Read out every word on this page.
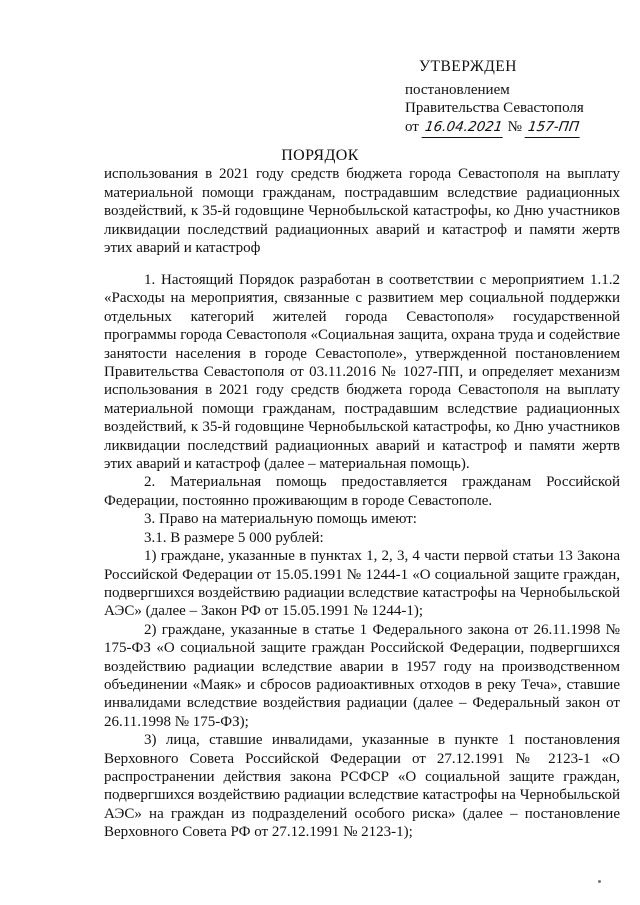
УТВЕРЖДЕН
постановлением
Правительства Севастополя
от 16.04.2021 № 157-ПП
ПОРЯДОК
использования в 2021 году средств бюджета города Севастополя на выплату материальной помощи гражданам, пострадавшим вследствие радиационных воздействий, к 35-й годовщине Чернобыльской катастрофы, ко Дню участников ликвидации последствий радиационных аварий и катастроф и памяти жертв этих аварий и катастроф

1. Настоящий Порядок разработан в соответствии с мероприятием 1.1.2 «Расходы на мероприятия, связанные с развитием мер социальной поддержки отдельных категорий жителей города Севастополя» государственной программы города Севастополя «Социальная защита, охрана труда и содействие занятости населения в городе Севастополе», утвержденной постановлением Правительства Севастополя от 03.11.2016 № 1027-ПП, и определяет механизм использования в 2021 году средств бюджета города Севастополя на выплату материальной помощи гражданам, пострадавшим вследствие радиационных воздействий, к 35-й годовщине Чернобыльской катастрофы, ко Дню участников ликвидации последствий радиационных аварий и катастроф и памяти жертв этих аварий и катастроф (далее – материальная помощь).

2. Материальная помощь предоставляется гражданам Российской Федерации, постоянно проживающим в городе Севастополе.

3. Право на материальную помощь имеют:

3.1. В размере 5 000 рублей:

1) граждане, указанные в пунктах 1, 2, 3, 4 части первой статьи 13 Закона Российской Федерации от 15.05.1991 № 1244-1 «О социальной защите граждан, подвергшихся воздействию радиации вследствие катастрофы на Чернобыльской АЭС» (далее – Закон РФ от 15.05.1991 № 1244-1);

2) граждане, указанные в статье 1 Федерального закона от 26.11.1998 № 175-ФЗ «О социальной защите граждан Российской Федерации, подвергшихся воздействию радиации вследствие аварии в 1957 году на производственном объединении «Маяк» и сбросов радиоактивных отходов в реку Теча», ставшие инвалидами вследствие воздействия радиации (далее – Федеральный закон от 26.11.1998 № 175-ФЗ);

3) лица, ставшие инвалидами, указанные в пункте 1 постановления Верховного Совета Российской Федерации от 27.12.1991 № 2123-1 «О распространении действия закона РСФСР «О социальной защите граждан, подвергшихся воздействию радиации вследствие катастрофы на Чернобыльской АЭС» на граждан из подразделений особого риска» (далее – постановление Верховного Совета РФ от 27.12.1991 № 2123-1);
